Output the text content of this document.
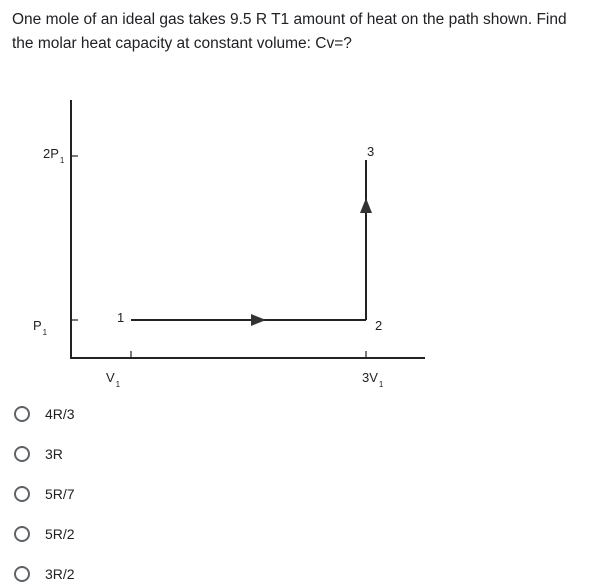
One mole of an ideal gas takes 9.5 R T1 amount of heat on the path shown. Find
the molar heat capacity at constant volume: Cv=?
$2P_1$
$P_1$
$V_1$	$3V_1$
1
2
3
4R/3
3R
5R/7
5R/2
3R/2
